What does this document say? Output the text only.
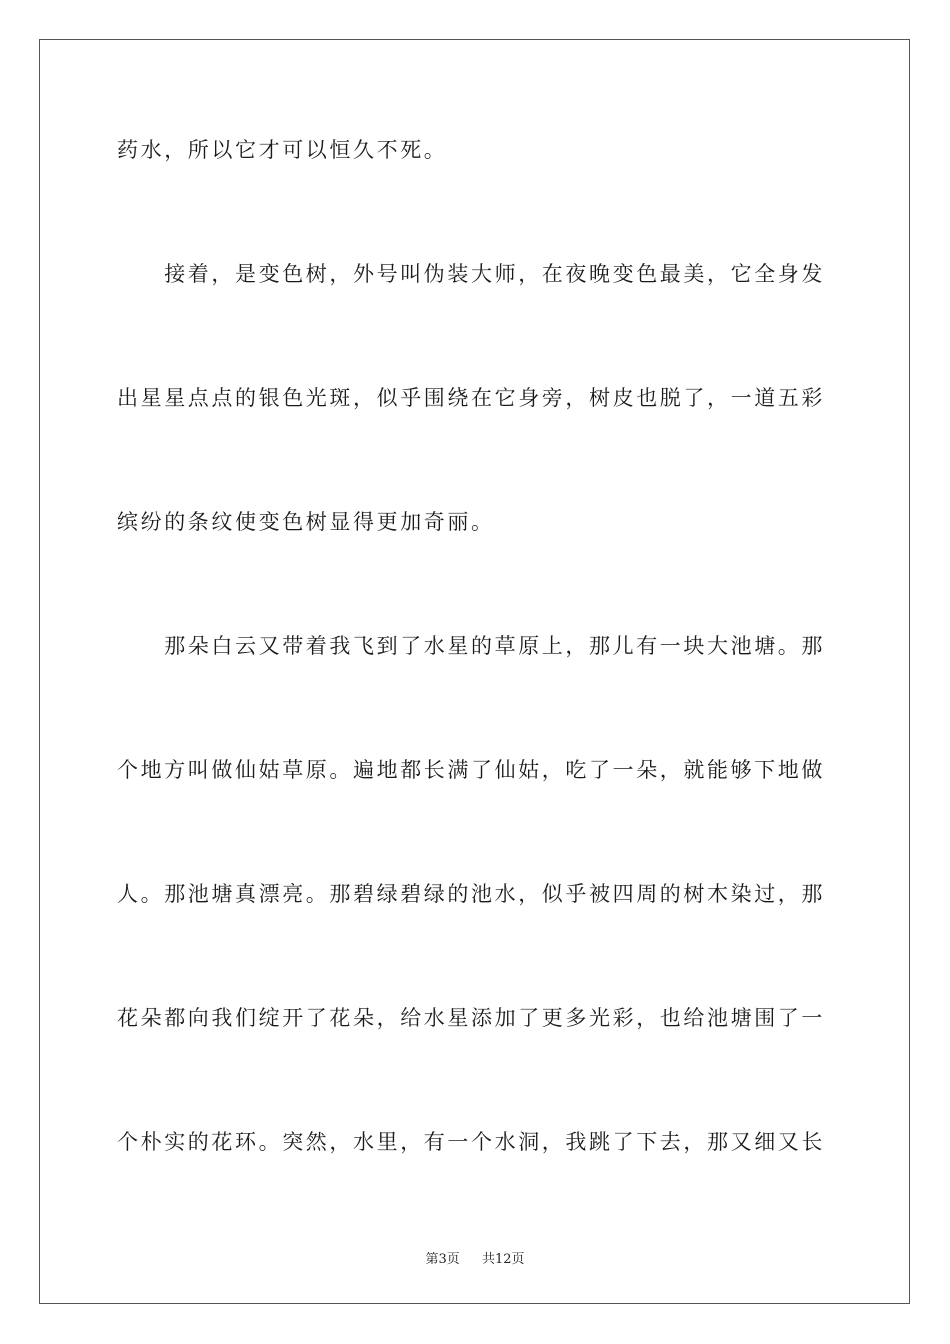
药水，所以它才可以恒久不死。
　　接着，是变色树，外号叫伪装大师，在夜晚变色最美，它全身发
出星星点点的银色光斑，似乎围绕在它身旁，树皮也脱了，一道五彩
缤纷的条纹使变色树显得更加奇丽。
　　那朵白云又带着我飞到了水星的草原上，那儿有一块大池塘。那
个地方叫做仙姑草原。遍地都长满了仙姑，吃了一朵，就能够下地做
人。那池塘真漂亮。那碧绿碧绿的池水，似乎被四周的树木染过，那
花朵都向我们绽开了花朵，给水星添加了更多光彩，也给池塘围了一
个朴实的花环。突然，水里，有一个水洞，我跳了下去，那又细又长
第3页 共12页
